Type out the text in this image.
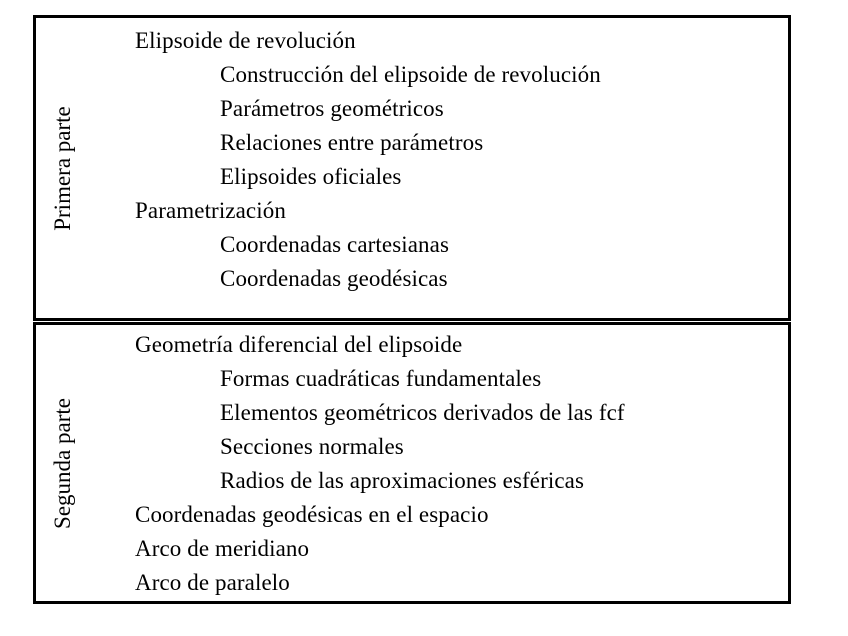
Primera parte
Elipsoide de revolución
Construcción del elipsoide de revolución
Parámetros geométricos
Relaciones entre parámetros
Elipsoides oficiales
Parametrización
Coordenadas cartesianas
Coordenadas geodésicas
Segunda parte
Geometría diferencial del elipsoide
Formas cuadráticas fundamentales
Elementos geométricos derivados de las fcf
Secciones normales
Radios de las aproximaciones esféricas
Coordenadas geodésicas en el espacio
Arco de meridiano
Arco de paralelo
